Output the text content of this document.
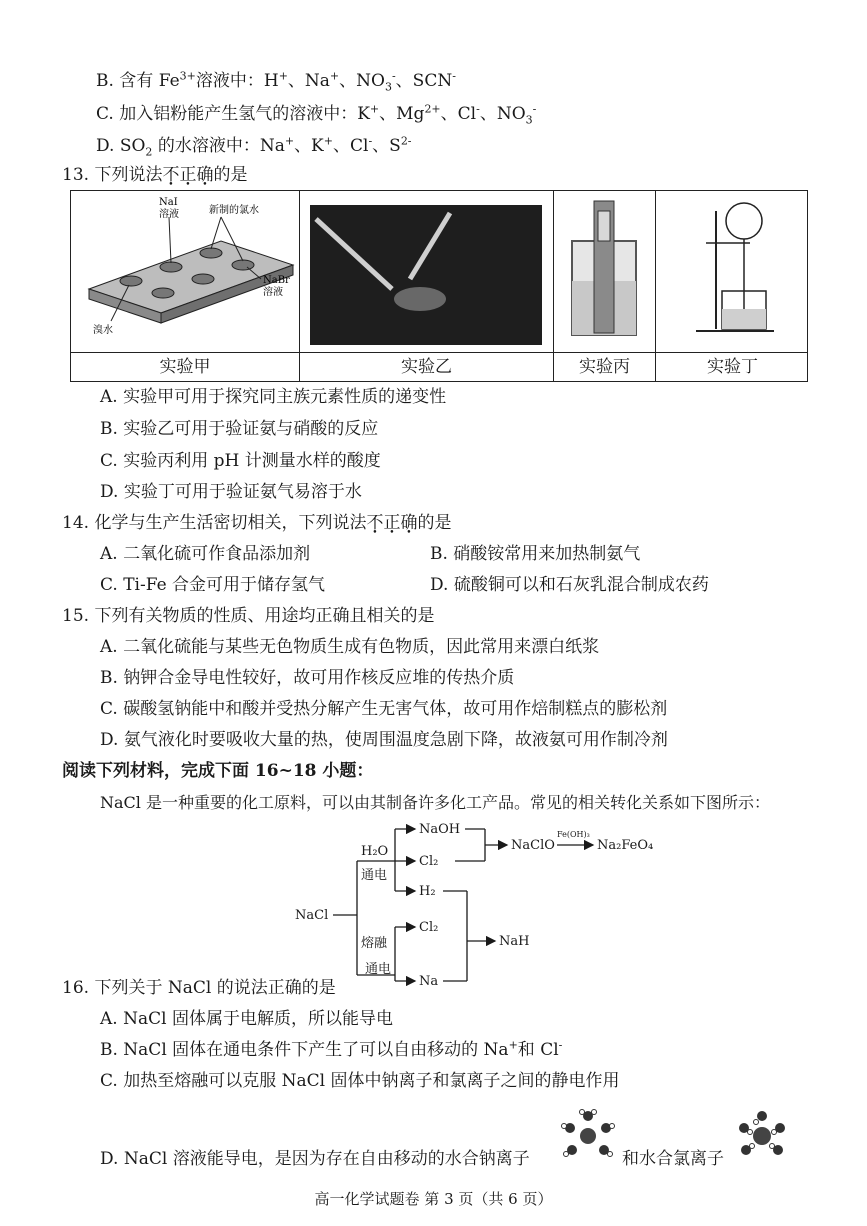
B. 含有 $Fe^{3+}$溶液中：H+、Na+、$NO_3^-$、SCN-
C. 加入铝粉能产生氢气的溶液中：K+、$Mg^{2+}$、Cl-、$NO_3^-$
D. $SO_2$ 的水溶液中：Na+、K+、Cl-、$S^{2-}$
13. 下列说法不正确的是
NaI
溶液	新制的氯水
NaBr
溶液
溴水
实验甲	实验乙	实验丙	实验丁
A. 实验甲可用于探究同主族元素性质的递变性
B. 实验乙可用于验证氨与硝酸的反应
C. 实验丙利用 pH 计测量水样的酸度
D. 实验丁可用于验证氨气易溶于水
14. 化学与生产生活密切相关，下列说法不正确的是
A. 二氧化硫可作食品添加剂	B. 硝酸铵常用来加热制氨气
C. Ti-Fe 合金可用于储存氢气	D. 硫酸铜可以和石灰乳混合制成农药
15. 下列有关物质的性质、用途均正确且相关的是
A. 二氧化硫能与某些无色物质生成有色物质，因此常用来漂白纸浆
B. 钠钾合金导电性较好，故可用作核反应堆的传热介质
C. 碳酸氢钠能中和酸并受热分解产生无害气体，故可用作焙制糕点的膨松剂
D. 氨气液化时要吸收大量的热，使周围温度急剧下降，故液氨可用作制冷剂
阅读下列材料，完成下面 16~18 小题：
NaCl 是一种重要的化工原料，可以由其制备许多化工产品。常见的相关转化关系如下图所示：
NaCl
H₂O
通电
NaOH
Cl₂
H₂
NaClO
Fe(OH)₃
Na₂FeO₄
熔融
通电
Cl₂
Na
NaH
16. 下列关于 NaCl 的说法正确的是
A. NaCl 固体属于电解质，所以能导电
B. NaCl 固体在通电条件下产生了可以自由移动的 Na+和 Cl-
C. 加热至熔融可以克服 NaCl 固体中钠离子和氯离子之间的静电作用
D. NaCl 溶液能导电，是因为存在自由移动的水合钠离子	和水合氯离子
高一化学试题卷 第 3 页（共 6 页）
